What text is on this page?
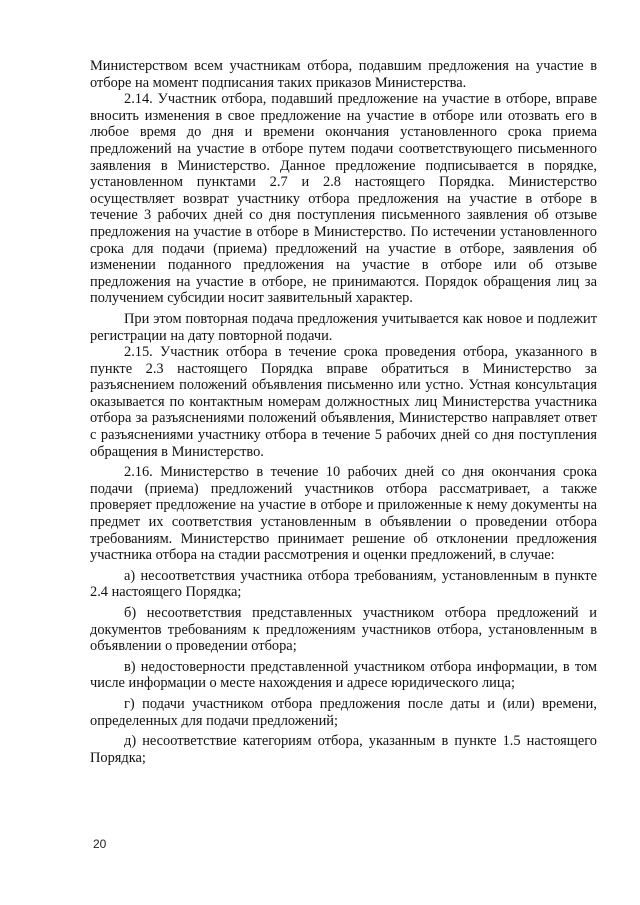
Министерством всем участникам отбора, подавшим предложения на участие в отборе на момент подписания таких приказов Министерства.

2.14. Участник отбора, подавший предложение на участие в отборе, вправе вносить изменения в свое предложение на участие в отборе или отозвать его в любое время до дня и времени окончания установленного срока приема предложений на участие в отборе путем подачи соответствующего письменного заявления в Министерство. Данное предложение подписывается в порядке, установленном пунктами 2.7 и 2.8 настоящего Порядка. Министерство осуществляет возврат участнику отбора предложения на участие в отборе в течение 3 рабочих дней со дня поступления письменного заявления об отзыве предложения на участие в отборе в Министерство. По истечении установленного срока для подачи (приема) предложений на участие в отборе, заявления об изменении поданного предложения на участие в отборе или об отзыве предложения на участие в отборе, не принимаются. Порядок обращения лиц за получением субсидии носит заявительный характер.

При этом повторная подача предложения учитывается как новое и подлежит регистрации на дату повторной подачи.

2.15. Участник отбора в течение срока проведения отбора, указанного в пункте 2.3 настоящего Порядка вправе обратиться в Министерство за разъяснением положений объявления письменно или устно. Устная консультация оказывается по контактным номерам должностных лиц Министерства участника отбора за разъяснениями положений объявления, Министерство направляет ответ с разъяснениями участнику отбора в течение 5 рабочих дней со дня поступления обращения в Министерство.

2.16. Министерство в течение 10 рабочих дней со дня окончания срока подачи (приема) предложений участников отбора рассматривает, а также проверяет предложение на участие в отборе и приложенные к нему документы на предмет их соответствия установленным в объявлении о проведении отбора требованиям. Министерство принимает решение об отклонении предложения участника отбора на стадии рассмотрения и оценки предложений, в случае:

а) несоответствия участника отбора требованиям, установленным в пункте 2.4 настоящего Порядка;

б) несоответствия представленных участником отбора предложений и документов требованиям к предложениям участников отбора, установленным в объявлении о проведении отбора;

в) недостоверности представленной участником отбора информации, в том числе информации о месте нахождения и адресе юридического лица;

г) подачи участником отбора предложения после даты и (или) времени, определенных для подачи предложений;

д) несоответствие категориям отбора, указанным в пункте 1.5 настоящего Порядка;

20
